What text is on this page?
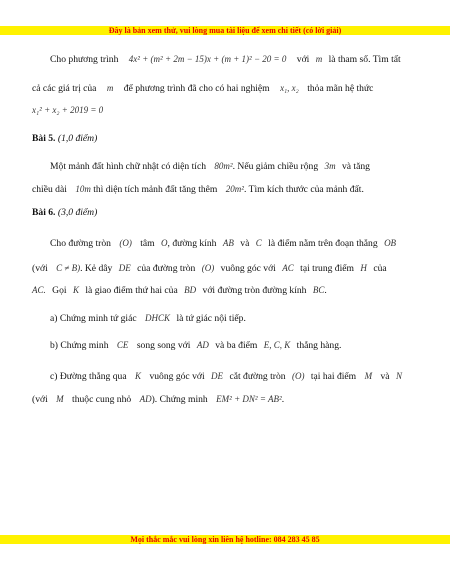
Đây là bản xem thử, vui lòng mua tài liệu để xem chi tiết (có lời giải)
Cho phương trình 4x² + (m² + 2m − 15)x + (m + 1)² − 20 = 0 với m là tham số. Tìm tất
cả các giá trị của m để phương trình đã cho có hai nghiệm x₁, x₂ thỏa mãn hệ thức
x₁² + x₂ + 2019 = 0
Bài 5. (1,0 điểm)
Một mảnh đất hình chữ nhật có diện tích 80m². Nếu giảm chiều rộng 3m và tăng
chiều dài 10m thì diện tích mảnh đất tăng thêm 20m². Tìm kích thước của mảnh đất.
Bài 6. (3,0 điểm)
Cho đường tròn (O) tâm O, đường kính AB và C là điểm nằm trên đoạn thẳng OB
(với C ≠ B). Kẻ dây DE của đường tròn (O) vuông góc với AC tại trung điểm H của
AC. Gọi K là giao điểm thứ hai của BD với đường tròn đường kính BC.
a) Chứng minh tứ giác DHCK là tứ giác nội tiếp.
b) Chứng minh CE song song với AD và ba điểm E, C, K thẳng hàng.
c) Đường thẳng qua K vuông góc với DE cắt đường tròn (O) tại hai điểm M và N
(với M thuộc cung nhỏ AD). Chứng minh EM² + DN² = AB².
Mọi thắc mắc vui lòng xin liên hệ hotline: 084 283 45 85
